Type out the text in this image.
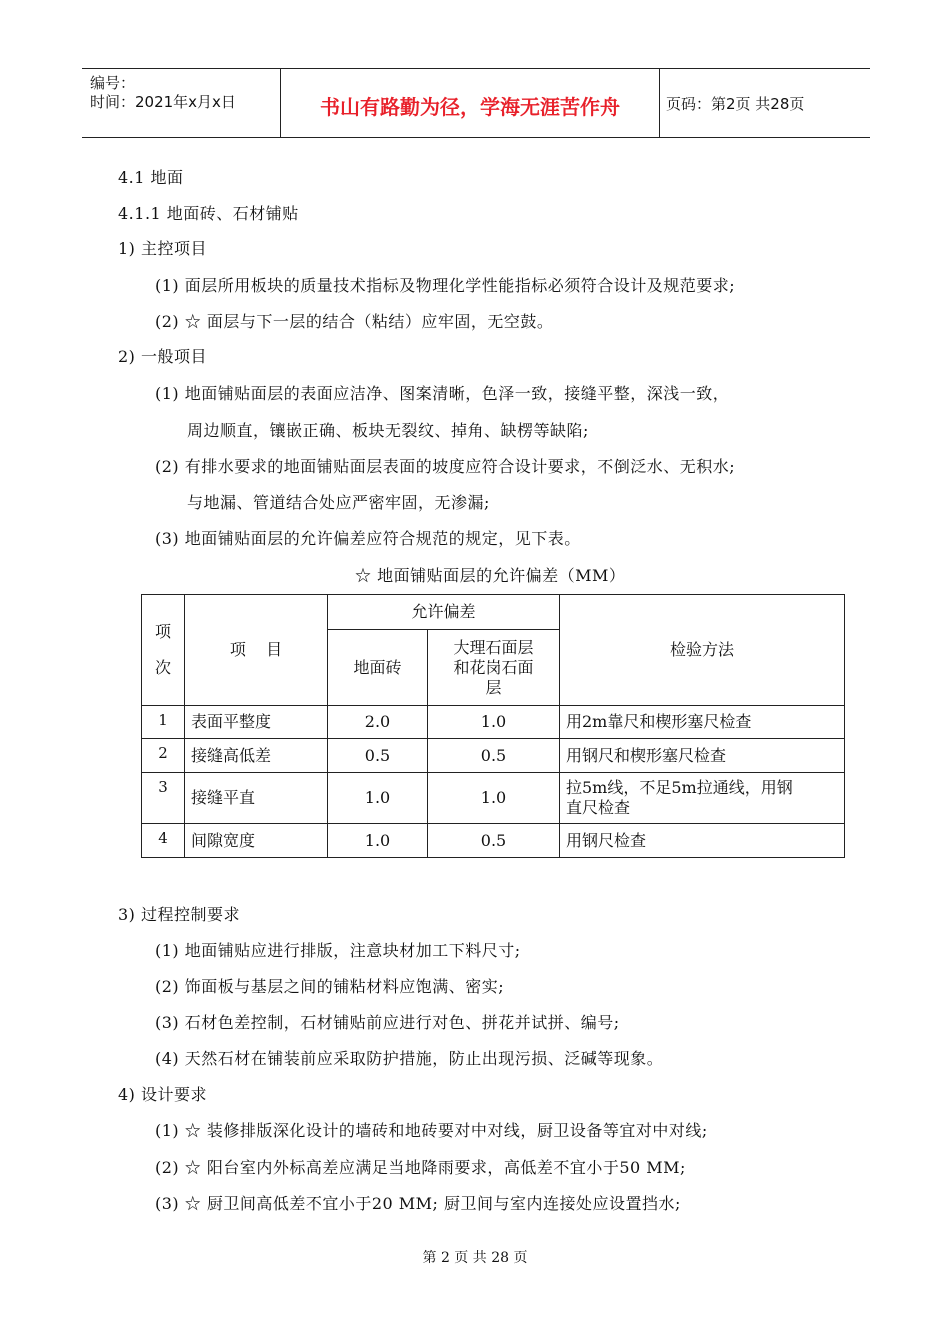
编号：
时间：2021年x月x日	书山有路勤为径，学海无涯苦作舟	页码：第2页 共28页
4.1 地面
4.1.1 地面砖、石材铺贴
1) 主控项目
(1) 面层所用板块的质量技术指标及物理化学性能指标必须符合设计及规范要求;
(2) ☆ 面层与下一层的结合（粘结）应牢固，无空鼓。
2) 一般项目
(1) 地面铺贴面层的表面应洁净、图案清晰，色泽一致，接缝平整，深浅一致，
周边顺直，镶嵌正确、板块无裂纹、掉角、缺楞等缺陷;
(2) 有排水要求的地面铺贴面层表面的坡度应符合设计要求，不倒泛水、无积水;
与地漏、管道结合处应严密牢固，无渗漏;
(3) 地面铺贴面层的允许偏差应符合规范的规定，见下表。
☆ 地面铺贴面层的允许偏差（MM）
项
次	项    目	允许偏差		检验方法
		地面砖	大理石面层
和花岗石面
层	

1	表面平整度	2.0	1.0	用2m靠尺和楔形塞尺检查
2	接缝高低差	0.5	0.5	用钢尺和楔形塞尺检查
3	接缝平直	1.0	1.0	拉5m线，不足5m拉通线，用钢
直尺检查

4	间隙宽度	1.0	0.5	用钢尺检查
3) 过程控制要求
(1) 地面铺贴应进行排版，注意块材加工下料尺寸;
(2) 饰面板与基层之间的铺粘材料应饱满、密实;
(3) 石材色差控制，石材铺贴前应进行对色、拼花并试拼、编号;
(4) 天然石材在铺装前应采取防护措施，防止出现污损、泛碱等现象。
4) 设计要求
(1) ☆ 装修排版深化设计的墙砖和地砖要对中对线，厨卫设备等宜对中对线;
(2) ☆ 阳台室内外标高差应满足当地降雨要求，高低差不宜小于50 MM;
(3) ☆ 厨卫间高低差不宜小于20 MM; 厨卫间与室内连接处应设置挡水;
第 2 页 共 28 页
